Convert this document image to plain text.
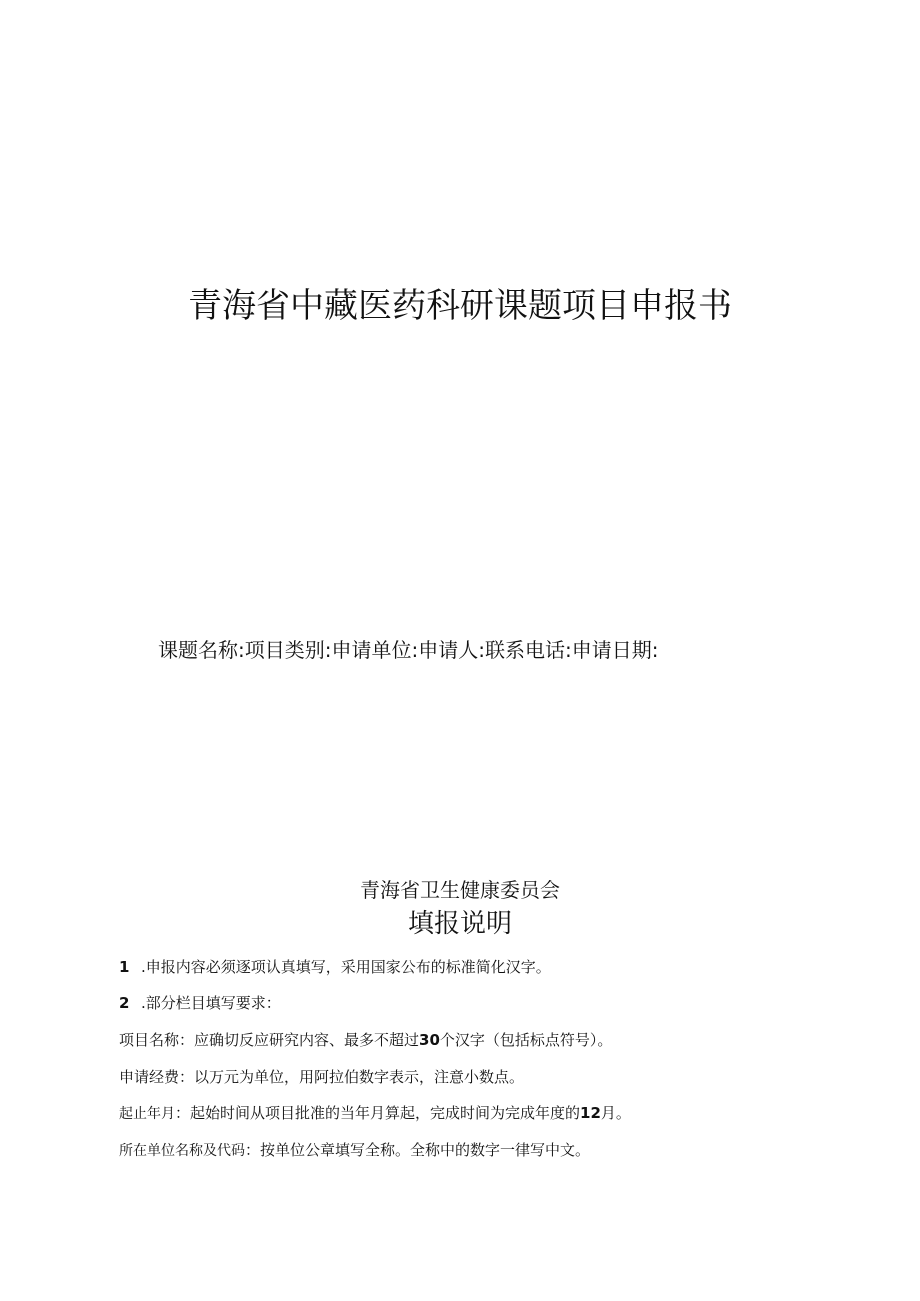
青海省中藏医药科研课题项目申报书
课题名称:项目类别:申请单位:申请人:联系电话:申请日期:
青海省卫生健康委员会
填报说明
1 .申报内容必须逐项认真填写，采用国家公布的标准简化汉字。
2 .部分栏目填写要求：
项目名称：应确切反应研究内容、最多不超过30个汉字（包括标点符号）。
申请经费：以万元为单位，用阿拉伯数字表示，注意小数点。
起止年月：起始时间从项目批准的当年月算起，完成时间为完成年度的12月。
所在单位名称及代码：按单位公章填写全称。全称中的数字一律写中文。
